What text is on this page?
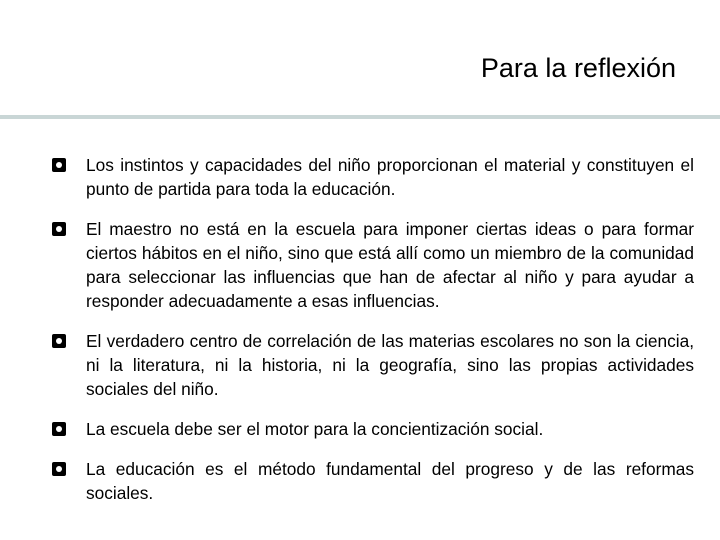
Para la reflexión
Los instintos y capacidades del niño proporcionan el material y constituyen el punto de partida para toda la educación.
El maestro no está en la escuela para imponer ciertas ideas o para formar ciertos hábitos en el niño, sino que está allí como un miembro de la comunidad para seleccionar las influencias que han de afectar al niño y para ayudar a responder adecuadamente a esas influencias.
El verdadero centro de correlación de las materias escolares no son la ciencia, ni la literatura, ni la historia, ni la geografía, sino las propias actividades sociales del niño.
La escuela debe ser el motor para la concientización social.
La educación es el método fundamental del progreso y de las reformas sociales.
